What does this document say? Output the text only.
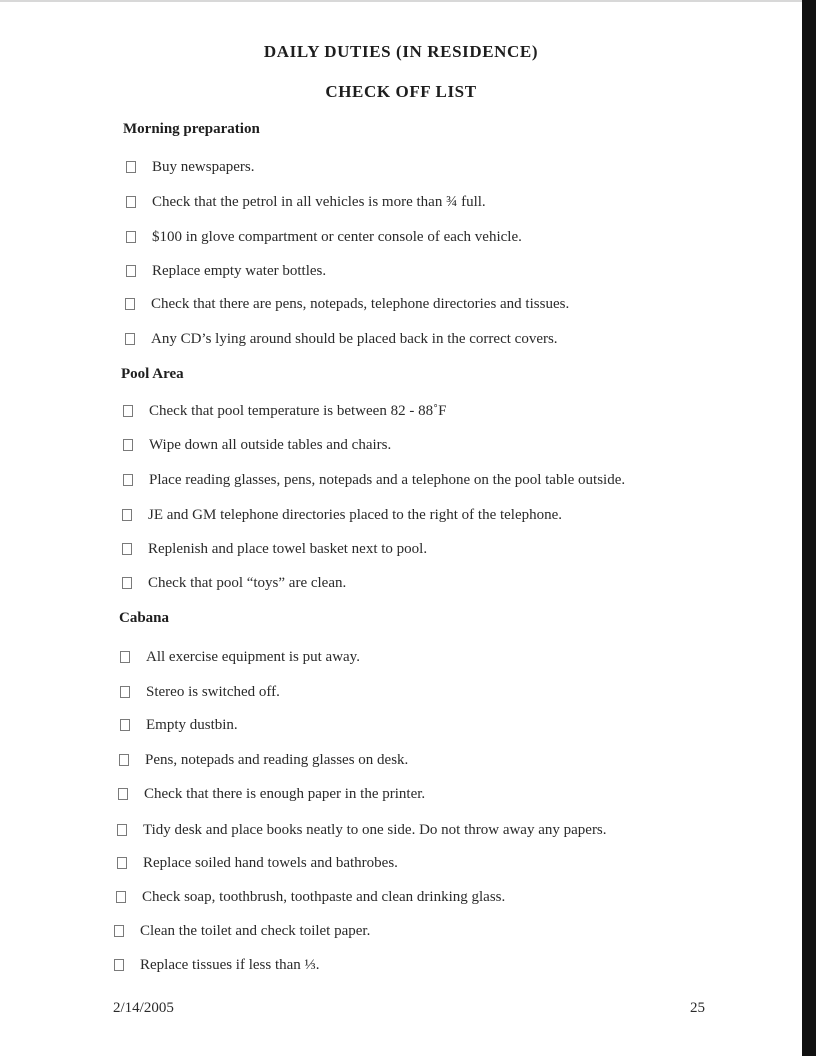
DAILY DUTIES (IN RESIDENCE)
CHECK OFF LIST
Morning preparation
Buy newspapers.
Check that the petrol in all vehicles is more than ¾ full.
$100 in glove compartment or center console of each vehicle.
Replace empty water bottles.
Check that there are pens, notepads, telephone directories and tissues.
Any CD’s lying around should be placed back in the correct covers.
Pool Area
Check that pool temperature is between 82 - 88˚F
Wipe down all outside tables and chairs.
Place reading glasses, pens, notepads and a telephone on the pool table outside.
JE and GM telephone directories placed to the right of the telephone.
Replenish and place towel basket next to pool.
Check that pool “toys” are clean.
Cabana
All exercise equipment is put away.
Stereo is switched off.
Empty dustbin.
Pens, notepads and reading glasses on desk.
Check that there is enough paper in the printer.
Tidy desk and place books neatly to one side. Do not throw away any papers.
Replace soiled hand towels and bathrobes.
Check soap, toothbrush, toothpaste and clean drinking glass.
Clean the toilet and check toilet paper.
Replace tissues if less than ⅓.
2/14/2005	25
